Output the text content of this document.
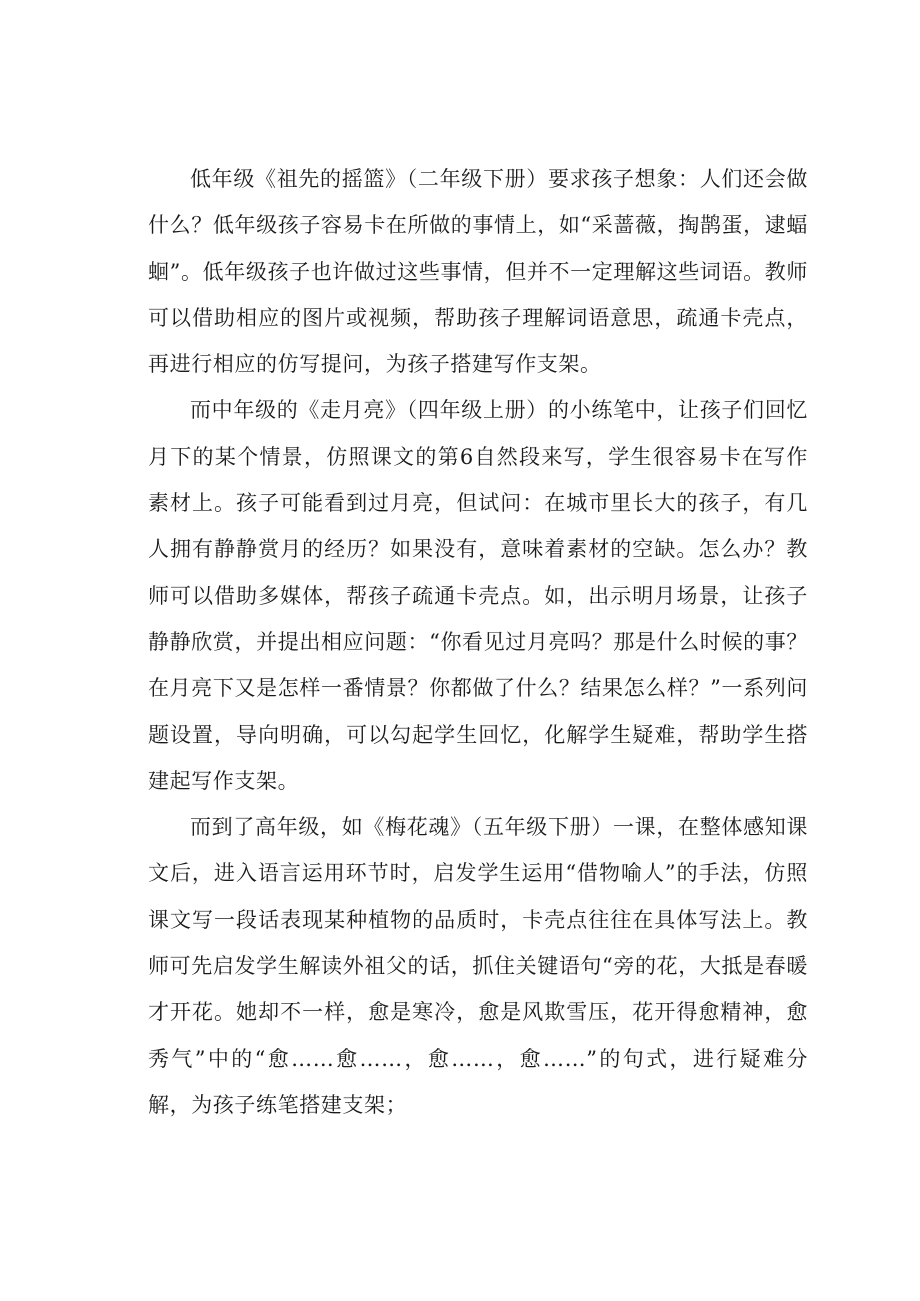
低年级《祖先的摇篮》（二年级下册）要求孩子想象：人们还会做什么？低年级孩子容易卡在所做的事情上，如“采蔷薇，掏鹊蛋，逮蝠蛔”。低年级孩子也许做过这些事情，但并不一定理解这些词语。教师可以借助相应的图片或视频，帮助孩子理解词语意思，疏通卡壳点，再进行相应的仿写提问，为孩子搭建写作支架。

而中年级的《走月亮》（四年级上册）的小练笔中，让孩子们回忆月下的某个情景，仿照课文的第6自然段来写，学生很容易卡在写作素材上。孩子可能看到过月亮，但试问：在城市里长大的孩子，有几人拥有静静赏月的经历？如果没有，意味着素材的空缺。怎么办？教师可以借助多媒体，帮孩子疏通卡壳点。如，出示明月场景，让孩子静静欣赏，并提出相应问题：“你看见过月亮吗？那是什么时候的事？在月亮下又是怎样一番情景？你都做了什么？结果怎么样？”一系列问题设置，导向明确，可以勾起学生回忆，化解学生疑难，帮助学生搭建起写作支架。

而到了高年级，如《梅花魂》（五年级下册）一课，在整体感知课文后，进入语言运用环节时，启发学生运用“借物喻人”的手法，仿照课文写一段话表现某种植物的品质时，卡壳点往往在具体写法上。教师可先启发学生解读外祖父的话，抓住关键语句“旁的花，大抵是春暖才开花。她却不一样，愈是寒冷，愈是风欺雪压，花开得愈精神，愈秀气”中的“愈……愈……，愈……，愈……”的句式，进行疑难分解，为孩子练笔搭建支架；
